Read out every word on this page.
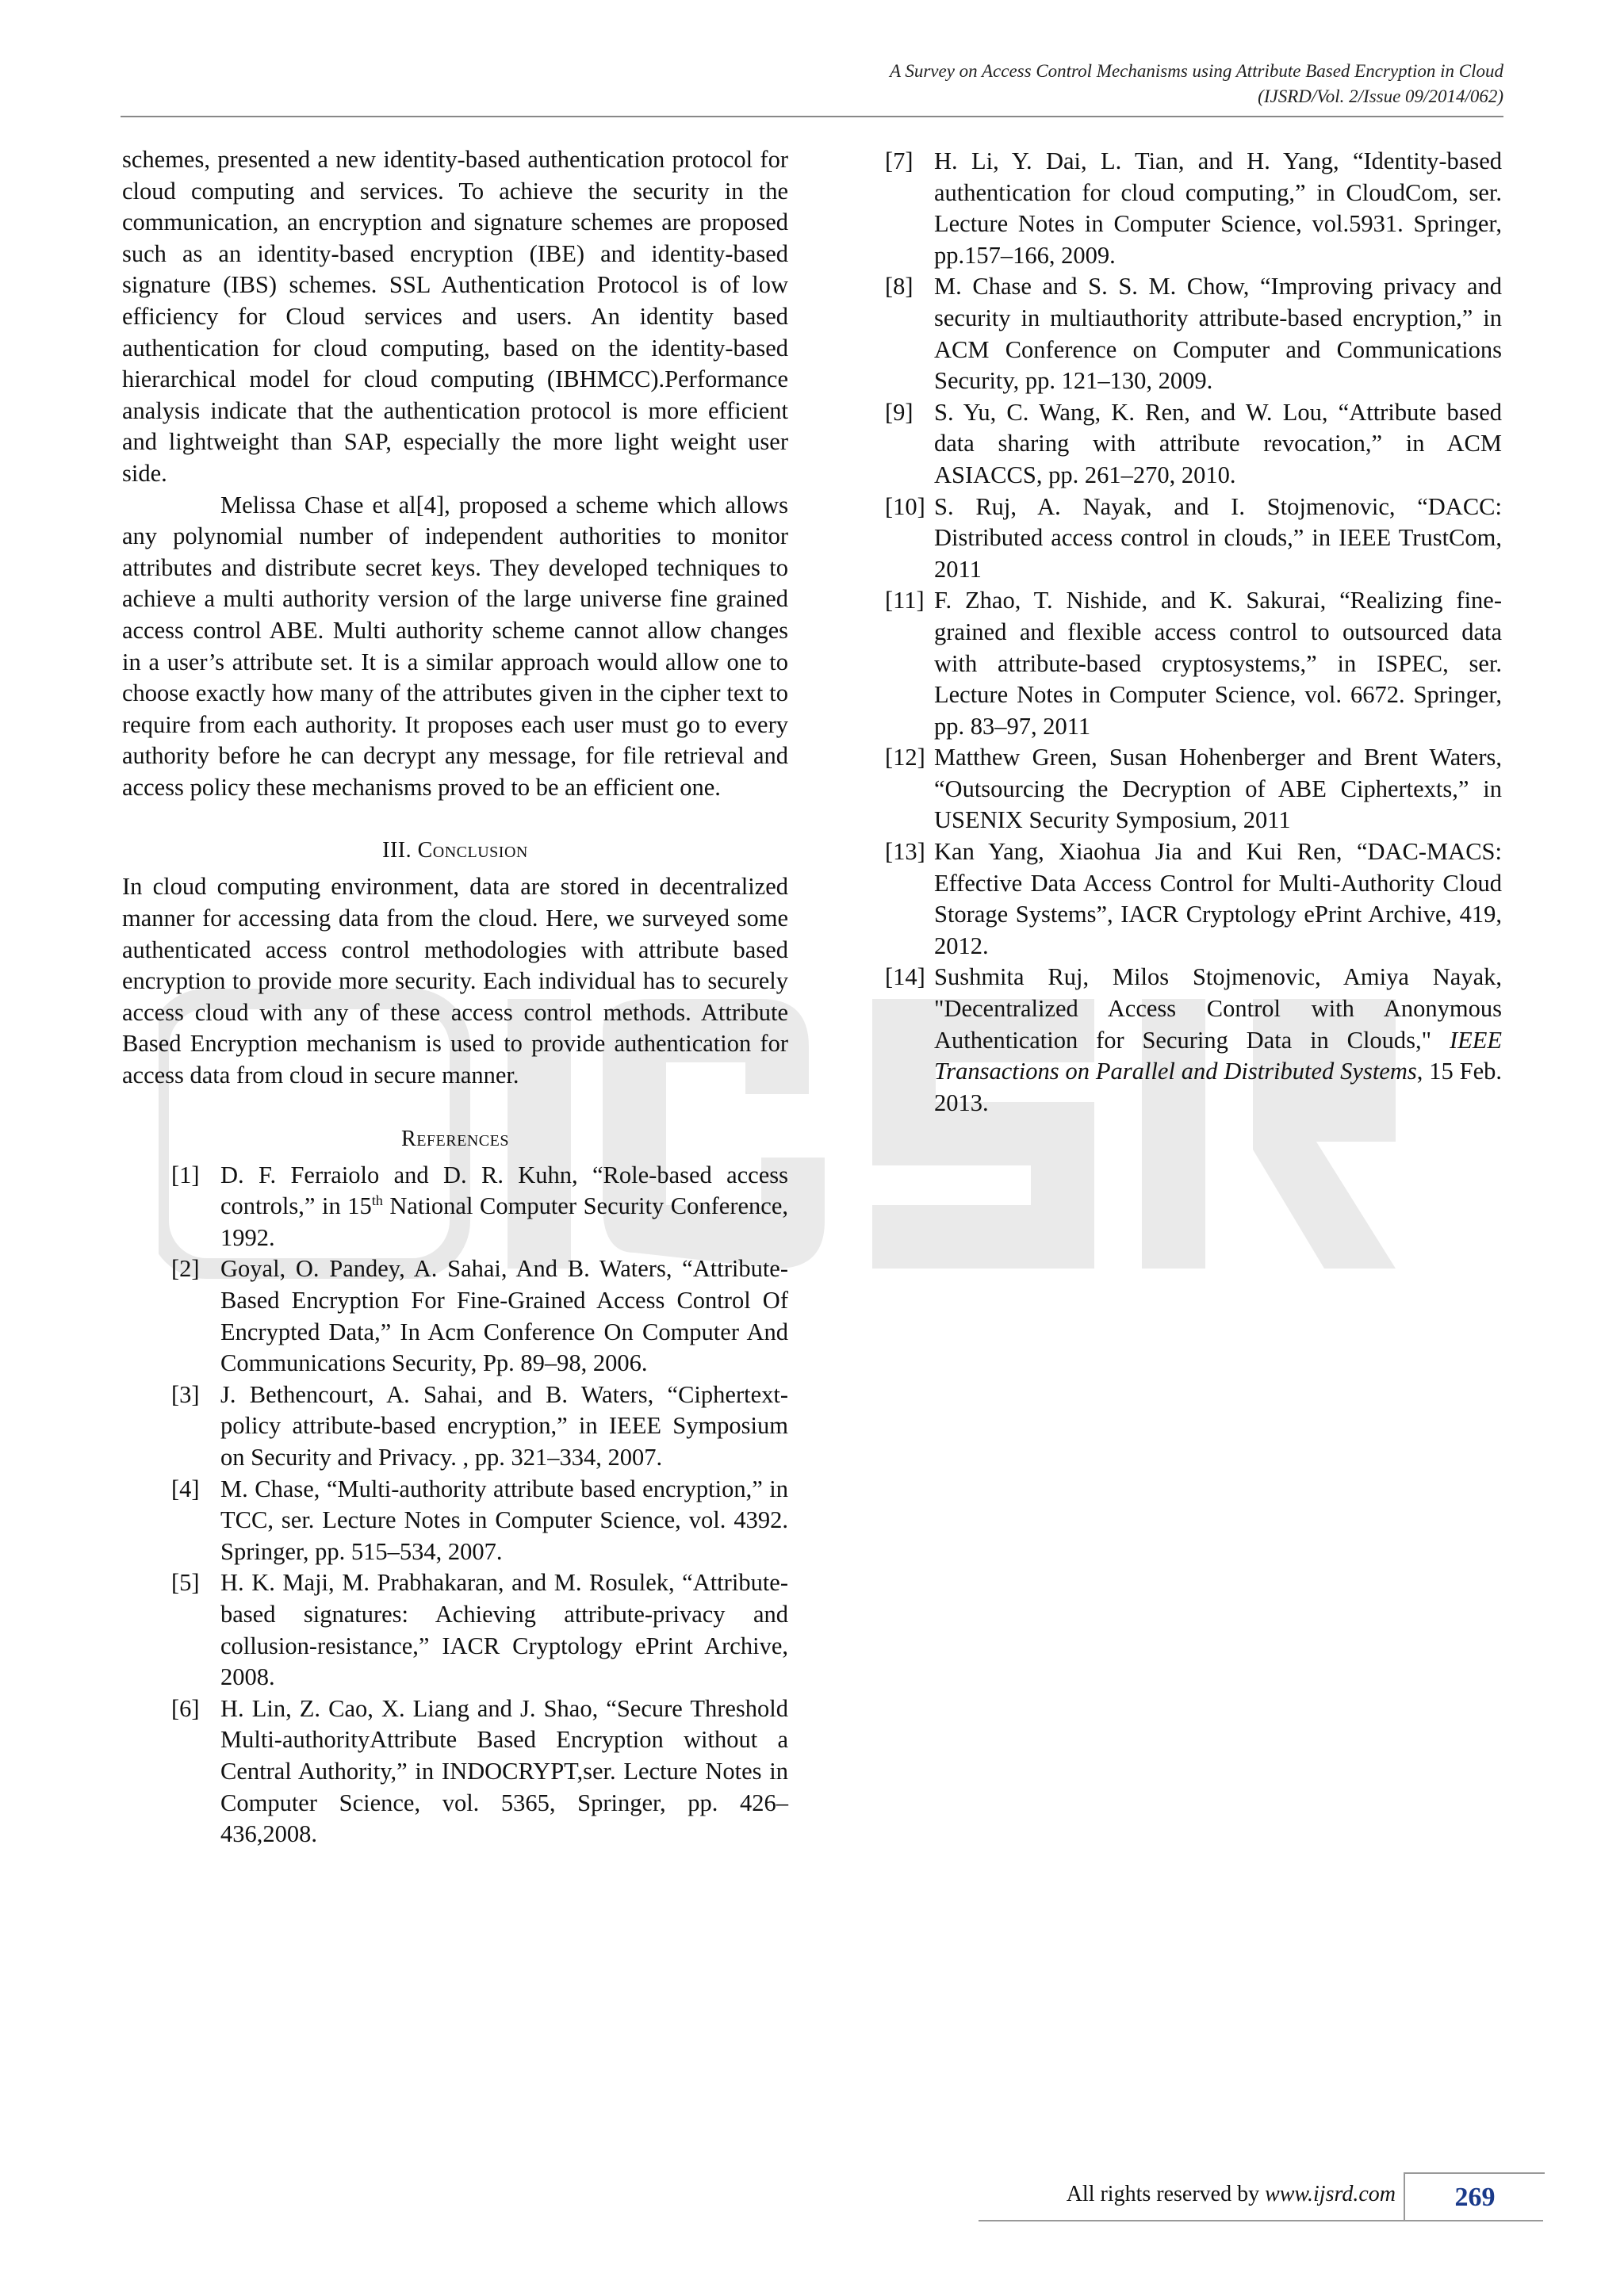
A Survey on Access Control Mechanisms using Attribute Based Encryption in Cloud
(IJSRD/Vol. 2/Issue 09/2014/062)

schemes, presented a new identity-based authentication protocol for cloud computing and services. To achieve the security in the communication, an encryption and signature schemes are proposed such as an identity-based encryption (IBE) and identity-based signature (IBS) schemes. SSL Authentication Protocol is of low efficiency for Cloud services and users. An identity based authentication for cloud computing, based on the identity-based hierarchical model for cloud computing (IBHMCC).Performance analysis indicate that the authentication protocol is more efficient and lightweight than SAP, especially the more light weight user side.

Melissa Chase et al[4], proposed a scheme which allows any polynomial number of independent authorities to monitor attributes and distribute secret keys. They developed techniques to achieve a multi authority version of the large universe fine grained access control ABE. Multi authority scheme cannot allow changes in a user’s attribute set. It is a similar approach would allow one to choose exactly how many of the attributes given in the cipher text to require from each authority. It proposes each user must go to every authority before he can decrypt any message, for file retrieval and access policy these mechanisms proved to be an efficient one.

III. Conclusion

In cloud computing environment, data are stored in decentralized manner for accessing data from the cloud. Here, we surveyed some authenticated access control methodologies with attribute based encryption to provide more security. Each individual has to securely access cloud with any of these access control methods. Attribute Based Encryption mechanism is used to provide authentication for access data from cloud in secure manner.

References
[1] D. F. Ferraiolo and D. R. Kuhn, “Role-based access controls,” in 15th National Computer Security Conference, 1992.
[2] Goyal, O. Pandey, A. Sahai, And B. Waters, “Attribute-Based Encryption For Fine-Grained Access Control Of Encrypted Data,” In Acm Conference On Computer And Communications Security, Pp. 89–98, 2006.
[3] J. Bethencourt, A. Sahai, and B. Waters, “Ciphertext-policy attribute-based encryption,” in IEEE Symposium on Security and Privacy. , pp. 321–334, 2007.
[4] M. Chase, “Multi-authority attribute based encryption,” in TCC, ser. Lecture Notes in Computer Science, vol. 4392. Springer, pp. 515–534, 2007.
[5] H. K. Maji, M. Prabhakaran, and M. Rosulek, “Attribute-based signatures: Achieving attribute-privacy and collusion-resistance,” IACR Cryptology ePrint Archive, 2008.
[6] H. Lin, Z. Cao, X. Liang and J. Shao, “Secure Threshold Multi-authorityAttribute Based Encryption without a Central Authority,” in INDOCRYPT,ser. Lecture Notes in Computer Science, vol. 5365, Springer, pp. 426–436,2008.
[7] H. Li, Y. Dai, L. Tian, and H. Yang, “Identity-based authentication for cloud computing,” in CloudCom, ser. Lecture Notes in Computer Science, vol.5931. Springer, pp.157–166, 2009.
[8] M. Chase and S. S. M. Chow, “Improving privacy and security in multiauthority attribute-based encryption,” in ACM Conference on Computer and Communications Security, pp. 121–130, 2009.
[9] S. Yu, C. Wang, K. Ren, and W. Lou, “Attribute based data sharing with attribute revocation,” in ACM ASIACCS, pp. 261–270, 2010.
[10] S. Ruj, A. Nayak, and I. Stojmenovic, “DACC: Distributed access control in clouds,” in IEEE TrustCom, 2011
[11] F. Zhao, T. Nishide, and K. Sakurai, “Realizing fine-grained and flexible access control to outsourced data with attribute-based cryptosystems,” in ISPEC, ser. Lecture Notes in Computer Science, vol. 6672. Springer, pp. 83–97, 2011
[12] Matthew Green, Susan Hohenberger and Brent Waters, “Outsourcing the Decryption of ABE Ciphertexts,” in USENIX Security Symposium, 2011
[13] Kan Yang, Xiaohua Jia and Kui Ren, “DAC-MACS: Effective Data Access Control for Multi-Authority Cloud Storage Systems”, IACR Cryptology ePrint Archive, 419, 2012.
[14] Sushmita Ruj, Milos Stojmenovic, Amiya Nayak, "Decentralized Access Control with Anonymous Authentication for Securing Data in Clouds," IEEE Transactions on Parallel and Distributed Systems, 15 Feb. 2013.
All rights reserved by www.ijsrd.com	269
